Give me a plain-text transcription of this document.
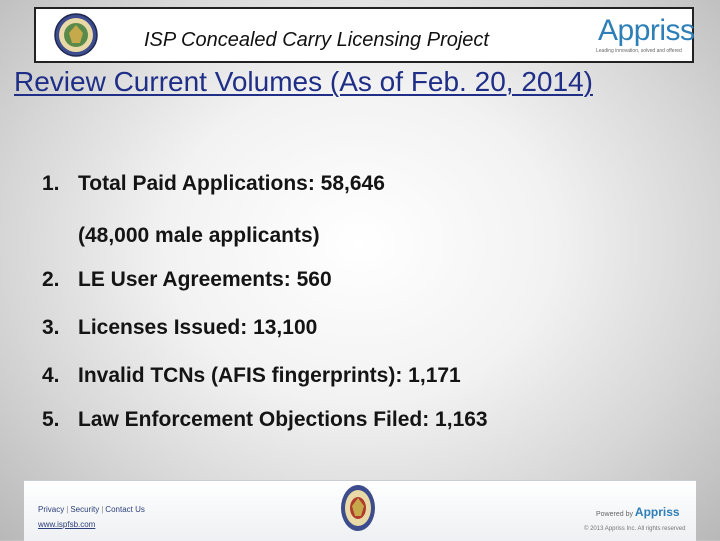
ISP Concealed Carry Licensing Project	Appriss
Leading innovation, solved and offered
Review Current Volumes (As of Feb. 20, 2014)
1. Total Paid Applications: 58,646
(48,000 male applicants)
2. LE User Agreements: 560
3. Licenses Issued: 13,100
4. Invalid TCNs (AFIS fingerprints): 1,171
5. Law Enforcement Objections Filed: 1,163
Privacy | Security | Contact Us
www.ispfsb.com
Powered by Appriss
© 2013 Appriss Inc. All rights reserved
